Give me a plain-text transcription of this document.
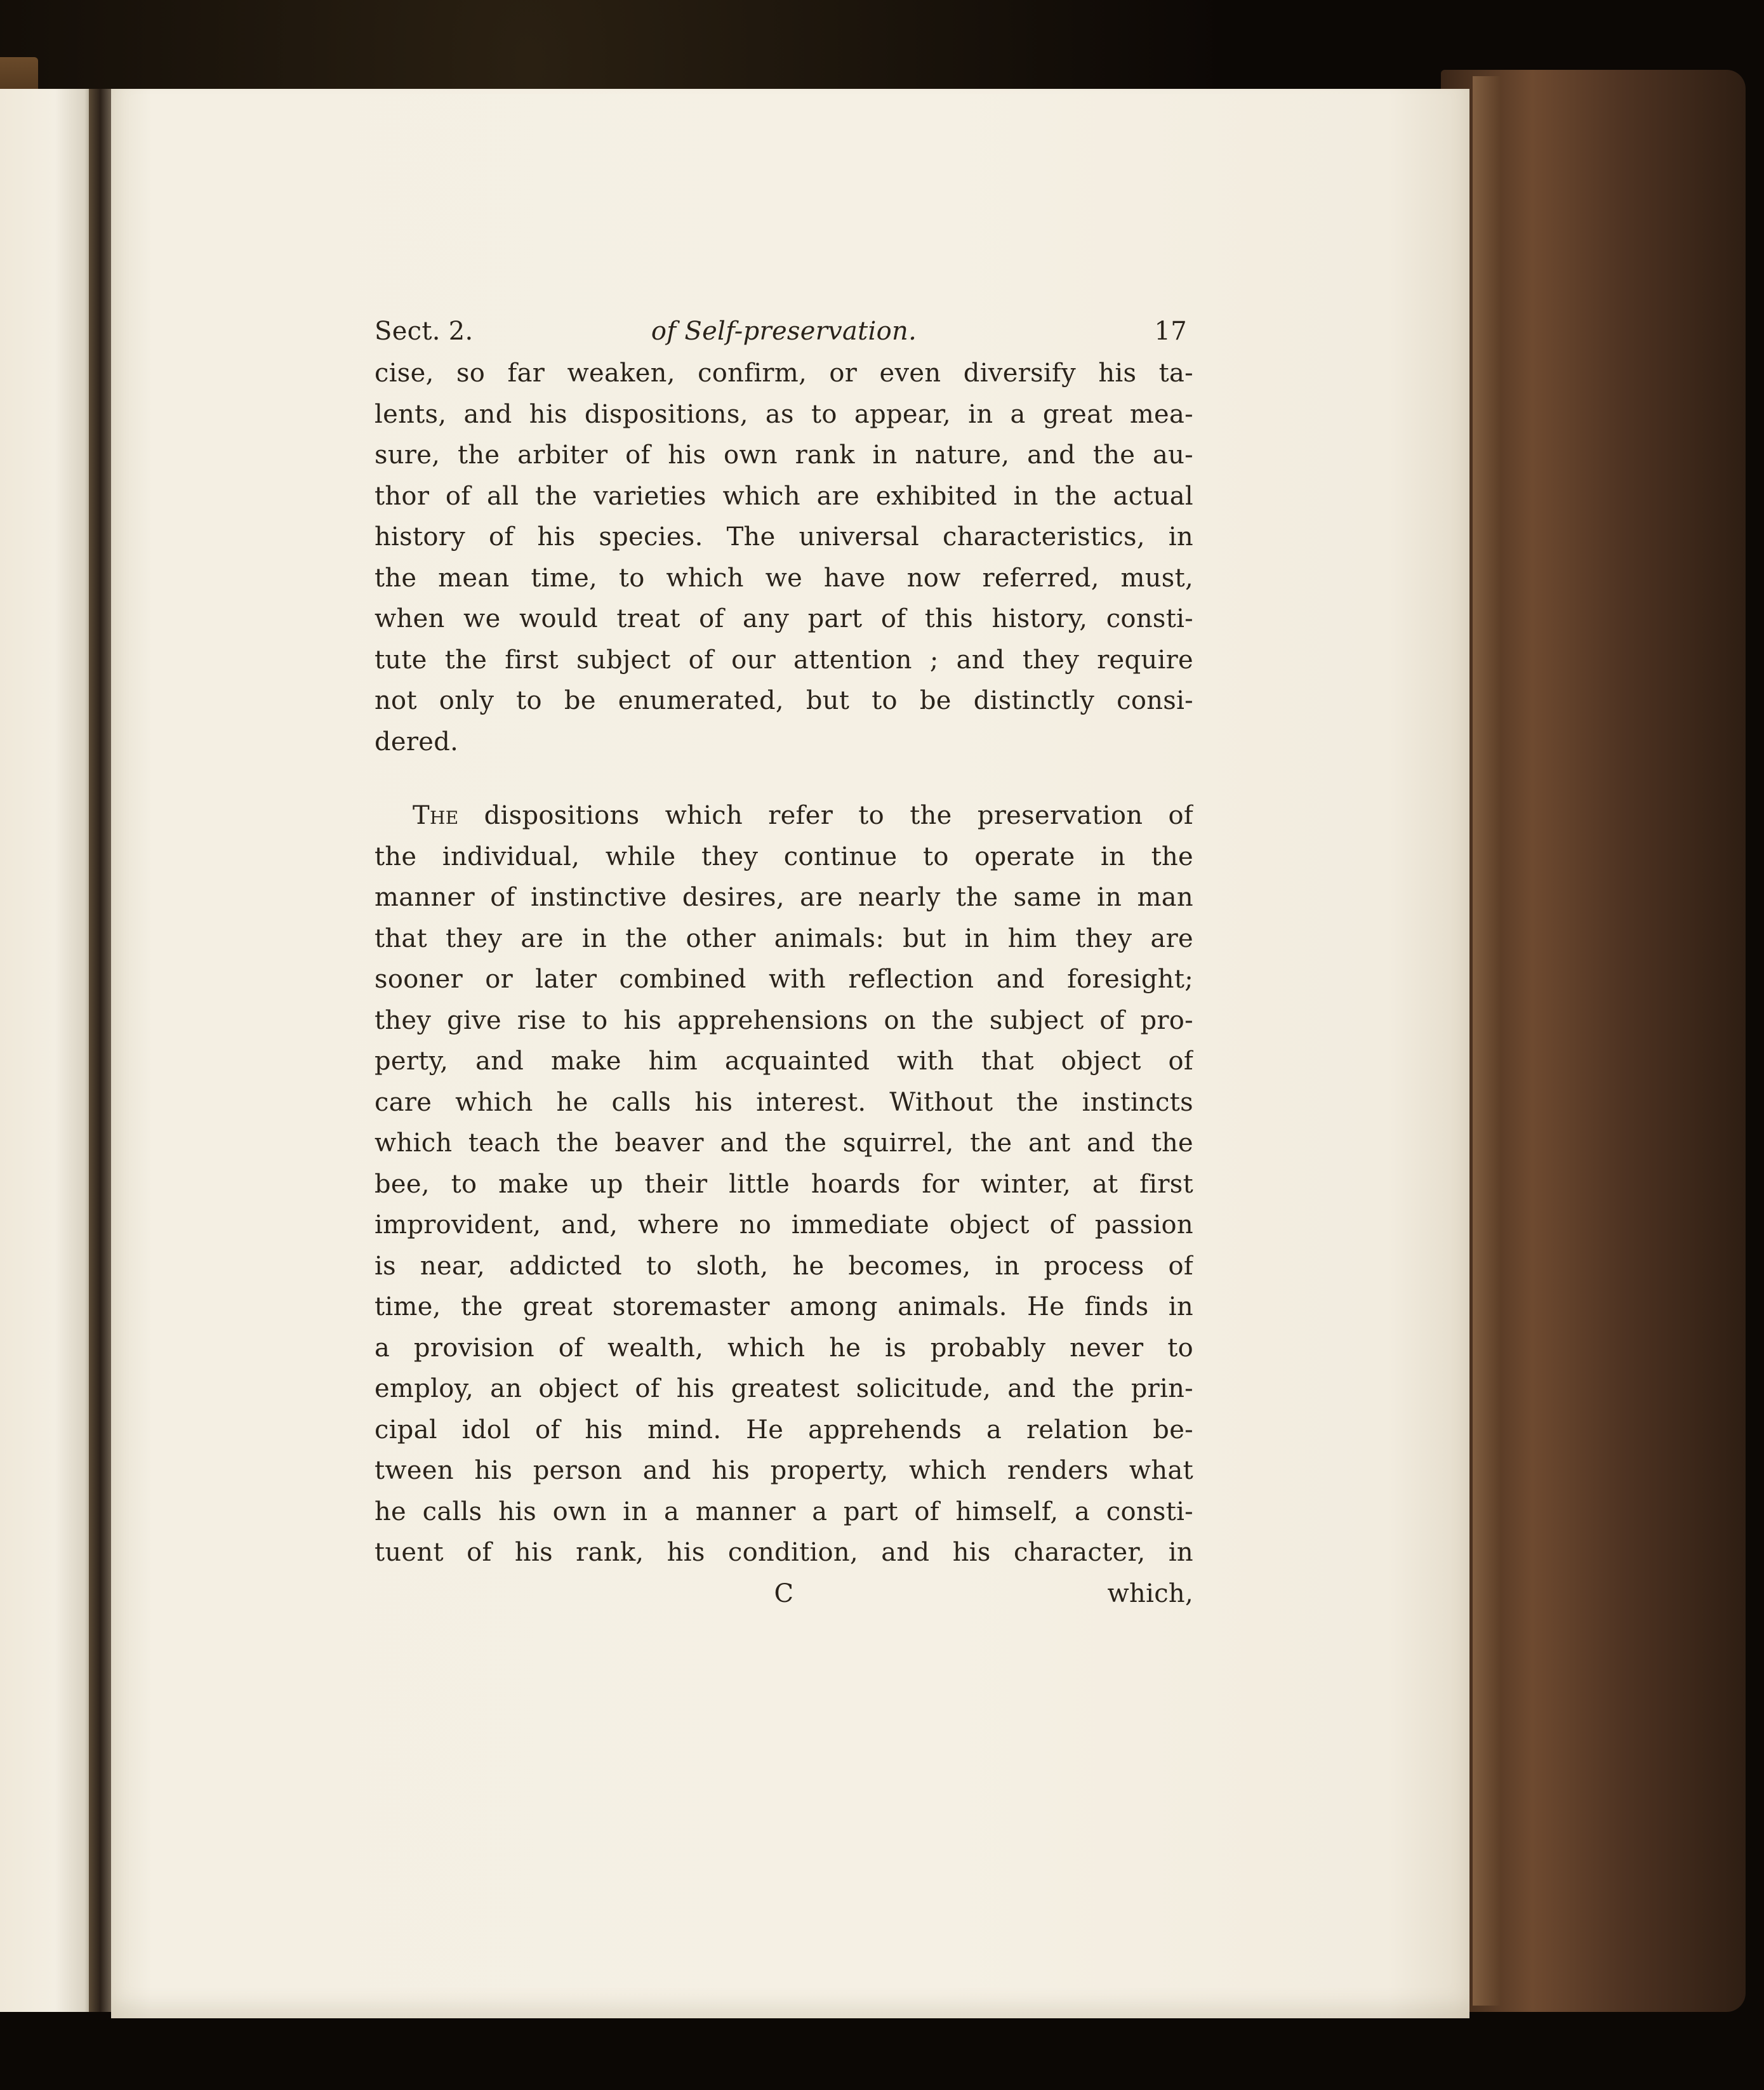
Sect. 2.	of Self-preservation.	17
cise, so far weaken, confirm, or even diversify his ta-
lents, and his dispositions, as to appear, in a great mea-
sure, the arbiter of his own rank in nature, and the au-
thor of all the varieties which are exhibited in the actual
history of his species. The universal characteristics, in
the mean time, to which we have now referred, must,
when we would treat of any part of this history, consti-
tute the first subject of our attention ; and they require
not only to be enumerated, but to be distinctly consi-
dered.
The dispositions which refer to the preservation of
the individual, while they continue to operate in the
manner of instinctive desires, are nearly the same in man
that they are in the other animals: but in him they are
sooner or later combined with reflection and foresight;
they give rise to his apprehensions on the subject of pro-
perty, and make him acquainted with that object of
care which he calls his interest. Without the instincts
which teach the beaver and the squirrel, the ant and the
bee, to make up their little hoards for winter, at first
improvident, and, where no immediate object of passion
is near, addicted to sloth, he becomes, in process of
time, the great storemaster among animals. He finds in
a provision of wealth, which he is probably never to
employ, an object of his greatest solicitude, and the prin-
cipal idol of his mind. He apprehends a relation be-
tween his person and his property, which renders what
he calls his own in a manner a part of himself, a consti-
tuent of his rank, his condition, and his character, in
C	which,
